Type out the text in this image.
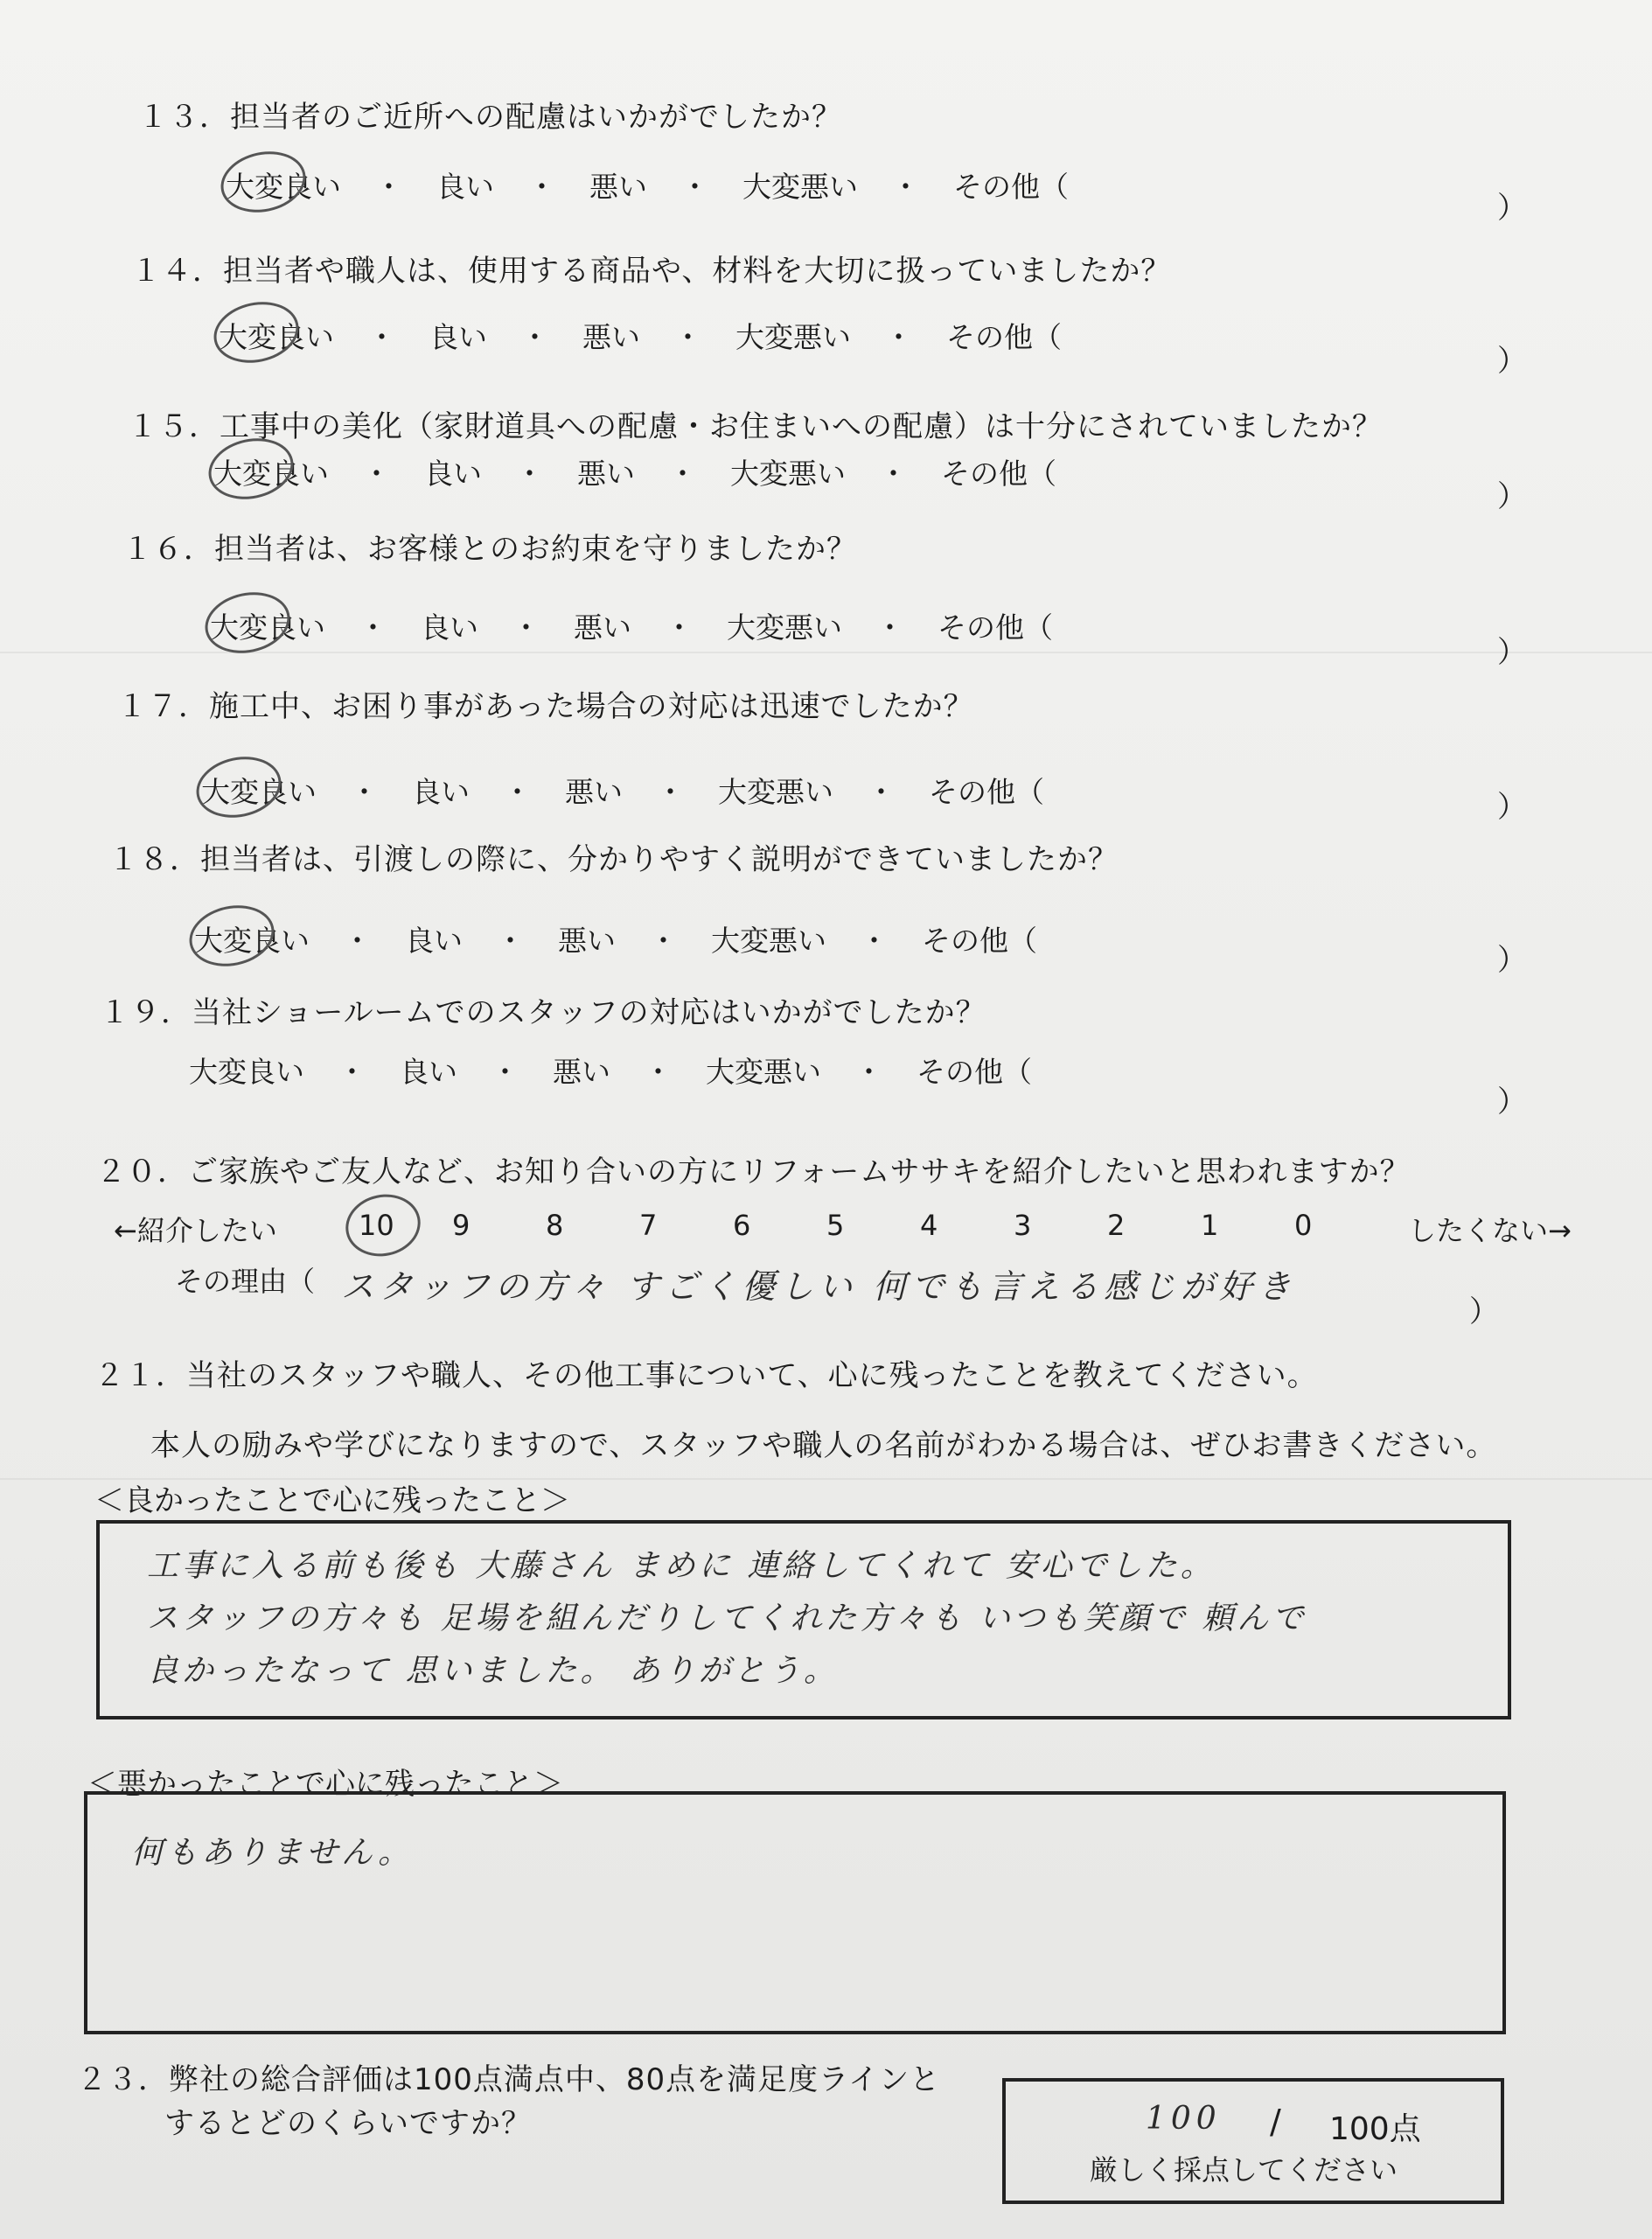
１３．担当者のご近所への配慮はいかがでしたか？
大変良い ・ 良い ・ 悪い ・ 大変悪い ・ その他（
）
１４．担当者や職人は、使用する商品や、材料を大切に扱っていましたか？
大変良い ・ 良い ・ 悪い ・ 大変悪い ・ その他（
）
１５．工事中の美化（家財道具への配慮・お住まいへの配慮）は十分にされていましたか？
大変良い ・ 良い ・ 悪い ・ 大変悪い ・ その他（
）
１６．担当者は、お客様とのお約束を守りましたか？
大変良い ・ 良い ・ 悪い ・ 大変悪い ・ その他（
）
１７．施工中、お困り事があった場合の対応は迅速でしたか？
大変良い ・ 良い ・ 悪い ・ 大変悪い ・ その他（	）
１８．担当者は、引渡しの際に、分かりやすく説明ができていましたか？
大変良い ・ 良い ・ 悪い ・ 大変悪い ・ その他（
）
１９．当社ショールームでのスタッフの対応はいかがでしたか？
大変良い ・ 良い ・ 悪い ・ 大変悪い ・ その他（
）
２０．ご家族やご友人など、お知り合いの方にリフォームササキを紹介したいと思われますか？
←紹介したい	したくない→
10 9	8	7	6	5	4	3	2	1	0
その理由（ スタッフの方々 すごく優しい 何でも言える感じが好き
）
２１．当社のスタッフや職人、その他工事について、心に残ったことを教えてください。
本人の励みや学びになりますので、スタッフや職人の名前がわかる場合は、ぜひお書きください。
＜良かったことで心に残ったこと＞
工事に入る前も後も 大藤さん まめに 連絡してくれて 安心でした。
スタッフの方々も 足場を組んだりしてくれた方々も いつも笑顔で 頼んで
良かったなって 思いました。 ありがとう。
＜悪かったことで心に残ったこと＞
何もありません。
２３．弊社の総合評価は100点満点中、80点を満足度ラインと
するとどのくらいですか？	100 / 100点
厳しく採点してください
